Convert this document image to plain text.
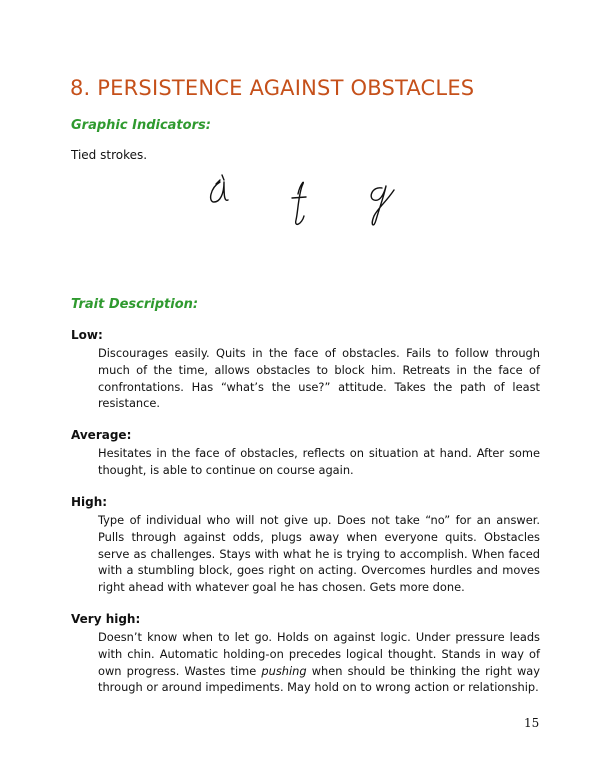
8. PERSISTENCE AGAINST OBSTACLES
Graphic Indicators:
Tied strokes.
Trait Description:
Low:
Discourages easily. Quits in the face of obstacles. Fails to follow through much of the time, allows obstacles to block him. Retreats in the face of confrontations. Has “what’s the use?” attitude. Takes the path of least resistance.
Average:
Hesitates in the face of obstacles, reflects on situation at hand. After some thought, is able to continue on course again.
High:
Type of individual who will not give up. Does not take “no” for an answer. Pulls through against odds, plugs away when everyone quits. Obstacles serve as challenges. Stays with what he is trying to accomplish. When faced with a stumbling block, goes right on acting. Overcomes hurdles and moves right ahead with whatever goal he has chosen. Gets more done.
Very high:
Doesn’t know when to let go. Holds on against logic. Under pressure leads with chin. Automatic holding-on precedes logical thought. Stands in way of own progress. Wastes time pushing when should be thinking the right way through or around impediments. May hold on to wrong action or relationship.
15
